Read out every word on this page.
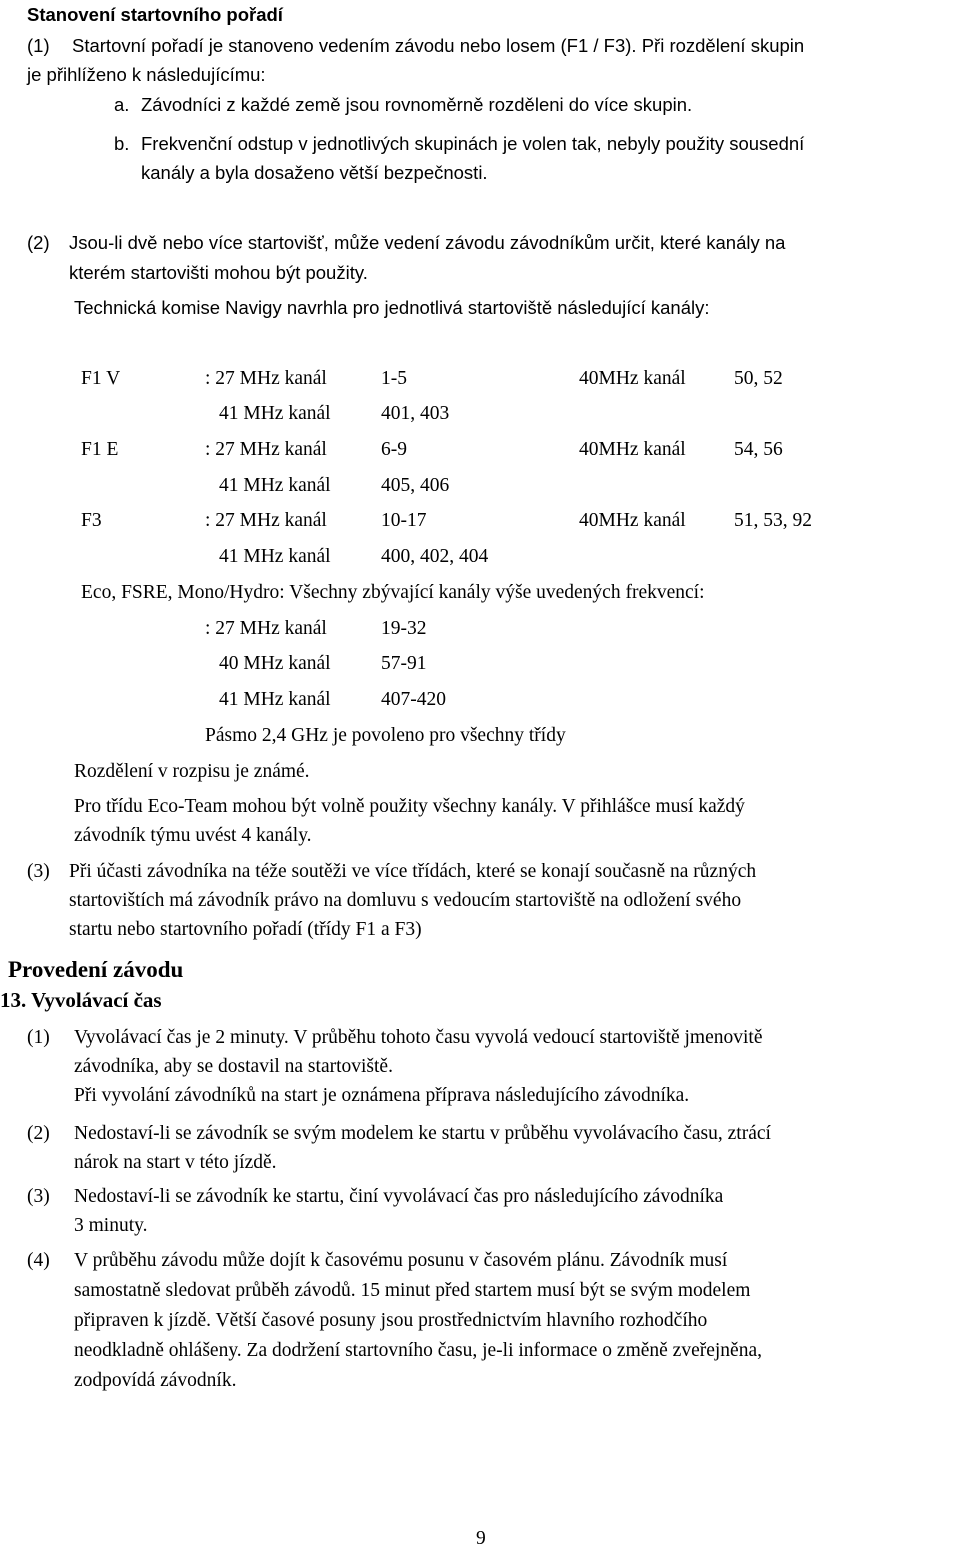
Stanovení startovního pořadí
(1) Startovní pořadí je stanoveno vedením závodu nebo losem (F1 / F3). Při rozdělení skupin
je přihlíženo k následujícímu:
a. Závodníci z každé země jsou rovnoměrně rozděleni do více skupin.
b. Frekvenční odstup v jednotlivých skupinách je volen tak, nebyly použity sousední
kanály a byla dosaženo větší bezpečnosti.
(2) Jsou-li dvě nebo více startovišť, může vedení závodu závodníkům určit, které kanály na
kterém startovišti mohou být použity.
Technická komise Navigy navrhla pro jednotlivá startoviště následující kanály:
F1 V	: 27 MHz kanál	1-5	40MHz kanál 50, 52
41 MHz kanál	401, 403
F1 E	: 27 MHz kanál	6-9	40MHz kanál 54, 56
41 MHz kanál	405, 406
F3	: 27 MHz kanál	10-17	40MHz kanál 51, 53, 92
41 MHz kanál	400, 402, 404
Eco, FSRE, Mono/Hydro: Všechny zbývající kanály výše uvedených frekvencí:
: 27 MHz kanál	19-32
40 MHz kanál	57-91
41 MHz kanál	407-420
Pásmo 2,4 GHz je povoleno pro všechny třídy
Rozdělení v rozpisu je známé.
Pro třídu Eco-Team mohou být volně použity všechny kanály. V přihlášce musí každý
závodník týmu uvést 4 kanály.
(3) Při účasti závodníka na téže soutěži ve více třídách, které se konají současně na různých
startovištích má závodník právo na domluvu s vedoucím startoviště na odložení svého
startu nebo startovního pořadí (třídy F1 a F3)
Provedení závodu
13. Vyvolávací čas
(1) Vyvolávací čas je 2 minuty. V průběhu tohoto času vyvolá vedoucí startoviště jmenovitě
závodníka, aby se dostavil na startoviště.
Při vyvolání závodníků na start je oznámena příprava následujícího závodníka.
(2) Nedostaví-li se závodník se svým modelem ke startu v průběhu vyvolávacího času, ztrácí
nárok na start v této jízdě.
(3) Nedostaví-li se závodník ke startu, činí vyvolávací čas pro následujícího závodníka
3 minuty.
(4) V průběhu závodu může dojít k časovému posunu v časovém plánu. Závodník musí
samostatně sledovat průběh závodů. 15 minut před startem musí být se svým modelem
připraven k jízdě. Větší časové posuny jsou prostřednictvím hlavního rozhodčího
neodkladně ohlášeny. Za dodržení startovního času, je-li informace o změně zveřejněna,
zodpovídá závodník.
9
